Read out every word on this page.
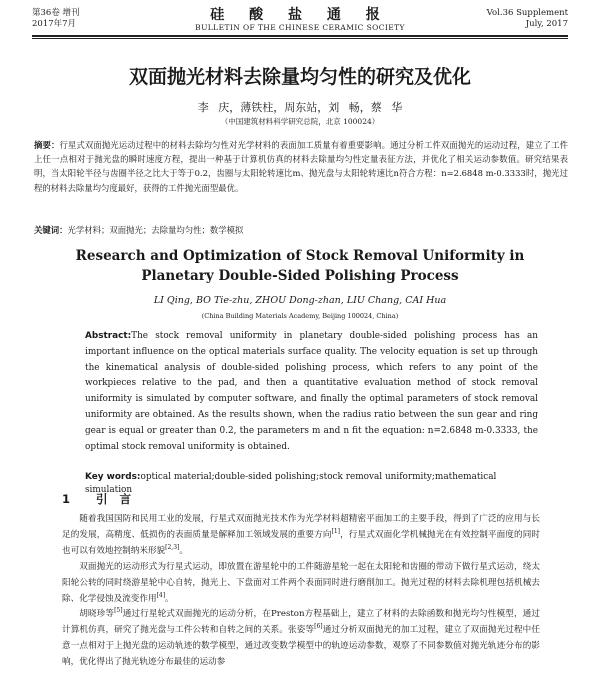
第36卷 增刊
2017年7月
硅 酸 盐 通 报
BULLETIN OF THE CHINESE CERAMIC SOCIETY
Vol.36 Supplement
July, 2017
双面抛光材料去除量均匀性的研究及优化
李 庆，薄铁柱，周东站，刘 畅，蔡 华
（中国建筑材料科学研究总院，北京 100024）
摘要：行星式双面抛光运动过程中的材料去除均匀性对光学材料的表面加工质量有着重要影响。通过分析工件双面抛光的运动过程，建立了工件上任一点相对于抛光盘的瞬时速度方程，提出一种基于计算机仿真的材料去除量均匀性定量表征方法，并优化了相关运动参数值。研究结果表明，当太阳轮半径与齿圈半径之比大于等于0.2，齿圈与太阳轮转速比m、抛光盘与太阳轮转速比n符合方程：n=2.6848 m-0.3333时，抛光过程的材料去除量均匀度最好，获得的工件抛光面型最优。
关键词：光学材料；双面抛光；去除量均匀性；数学模拟
Research and Optimization of Stock Removal Uniformity in Planetary Double-Sided Polishing Process
LI Qing, BO Tie-zhu, ZHOU Dong-zhan, LIU Chang, CAI Hua
(China Building Materials Academy, Beijing 100024, China)
Abstract:The stock removal uniformity in planetary double-sided polishing process has an important influence on the optical materials surface quality. The velocity equation is set up through the kinematical analysis of double-sided polishing process, which refers to any point of the workpieces relative to the pad, and then a quantitative evaluation method of stock removal uniformity is simulated by computer software, and finally the optimal parameters of stock removal uniformity are obtained. As the results shown, when the radius ratio between the sun gear and ring gear is equal or greater than 0.2, the parameters m and n fit the equation: n=2.6848 m-0.3333, the optimal stock removal uniformity is obtained.
Key words:optical material;double-sided polishing;stock removal uniformity;mathematical simulation
1 引言

随着我国国防和民用工业的发展，行星式双面抛光技术作为光学材料超精密平面加工的主要手段，得到了广泛的应用与长足的发展，高精度、低损伤的表面质量是解释加工领域发展的重要方向[1]，行星式双面化学机械抛光在有效控制平面度的同时也可以有效地控制纳米形貌[2,3]。

双面抛光的运动形式为行星式运动，即放置在游星轮中的工件随游星轮一起在太阳轮和齿圈的带动下做行星式运动，绕太阳轮公转的同时绕游星轮中心自转，抛光上、下盘面对工件两个表面同时进行磨削加工。抛光过程的材料去除机理包括机械去除、化学侵蚀及流变作用[4]。

胡晓珍等[5]通过行星轮式双面抛光的运动分析，在Preston方程基础上，建立了材料的去除函数和抛光均匀性模型，通过计算机仿真，研究了抛光盘与工件公转和自转之间的关系。张姿等[6]通过分析双面抛光的加工过程，建立了双面抛光过程中任意一点相对于上抛光盘的运动轨迹的数学模型，通过改变数学模型中的轨迹运动参数，观察了不同参数值对抛光轨迹分布的影响，优化得出了抛光轨迹分布最佳的运动参
